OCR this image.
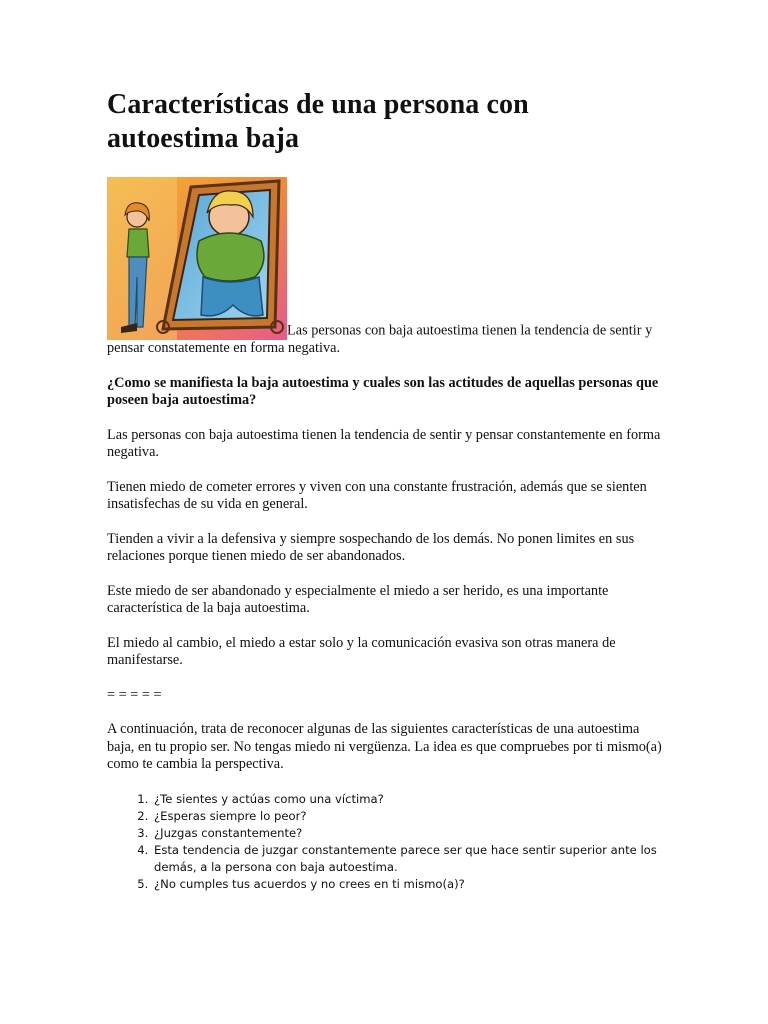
Características de una persona con autoestima baja
Las personas con baja autoestima tienen la tendencia de sentir y pensar constatemente en forma negativa.

¿Como se manifiesta la baja autoestima y cuales son las actitudes de aquellas personas que poseen baja autoestima?

Las personas con baja autoestima tienen la tendencia de sentir y pensar constantemente en forma negativa.

Tienen miedo de cometer errores y viven con una constante frustración, además que se sienten insatisfechas de su vida en general.

Tienden a vivir a la defensiva y siempre sospechando de los demás. No ponen limites en sus relaciones porque tienen miedo de ser abandonados.

Este miedo de ser abandonado y especialmente el miedo a ser herido, es una importante característica de la baja autoestima.

El miedo al cambio, el miedo a estar solo y la comunicación evasiva son otras manera de manifestarse.

= = = = =

A continuación, trata de reconocer algunas de las siguientes características de una autoestima baja, en tu propio ser. No tengas miedo ni vergüenza. La idea es que compruebes por ti mismo(a) como te cambia la perspectiva.

1. ¿Te sientes y actúas como una víctima?
2. ¿Esperas siempre lo peor?
3. ¿Juzgas constantemente?
4. Esta tendencia de juzgar constantemente parece ser que hace sentir superior ante los demás, a la persona con baja autoestima.
5. ¿No cumples tus acuerdos y no crees en ti mismo(a)?
